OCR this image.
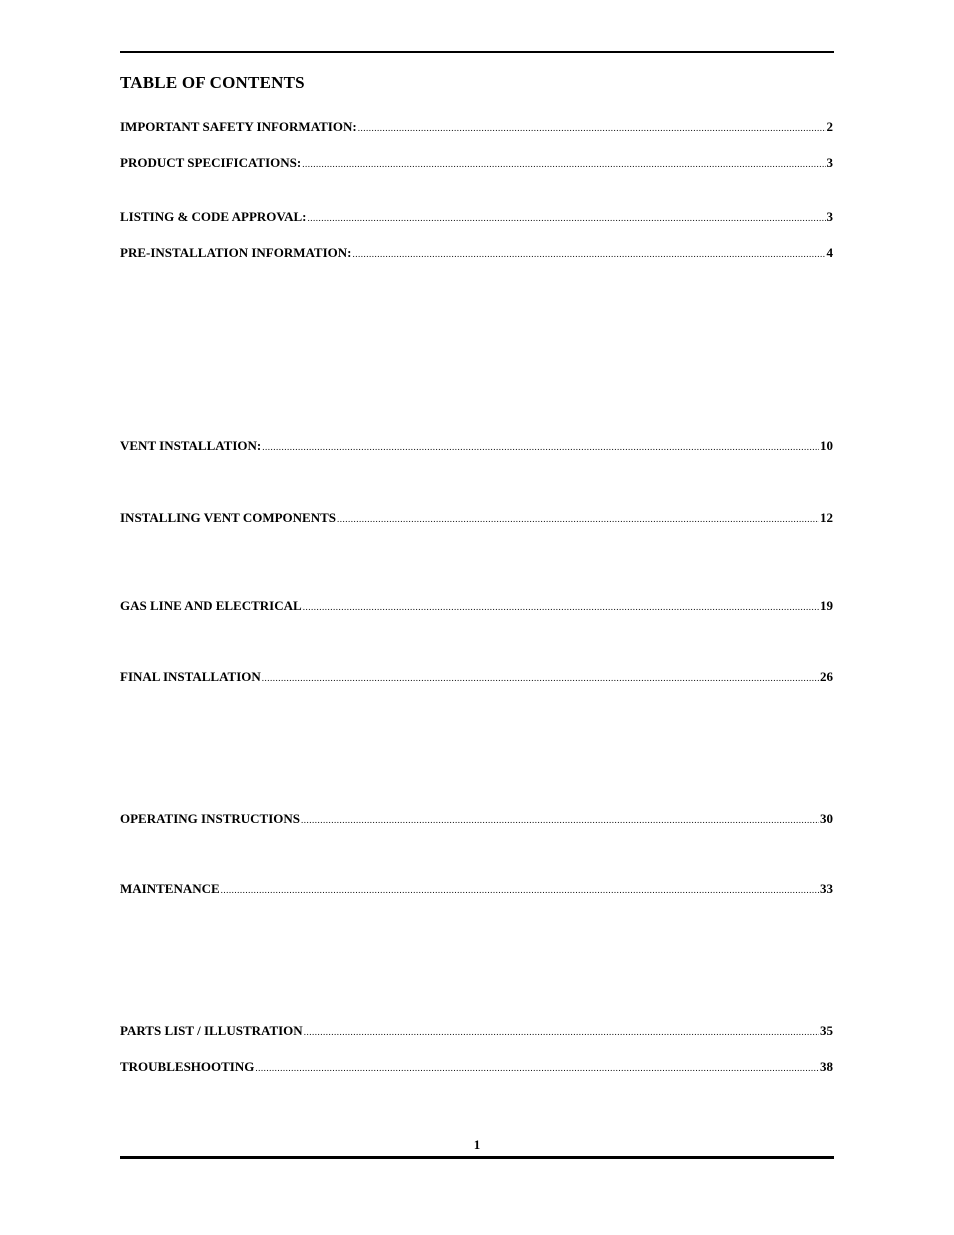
TABLE OF CONTENTS
IMPORTANT SAFETY INFORMATION: .....	2
PRODUCT SPECIFICATIONS: .....	3
LISTING & CODE APPROVAL: .....	3
PRE-INSTALLATION INFORMATION: .....	4
VENT INSTALLATION: .....	10
INSTALLING VENT COMPONENTS .....	12
GAS LINE AND ELECTRICAL .....	19
FINAL INSTALLATION .....	26
OPERATING INSTRUCTIONS .....	30
MAINTENANCE .....	33
PARTS LIST / ILLUSTRATION .....	35
TROUBLESHOOTING .....	38
1
